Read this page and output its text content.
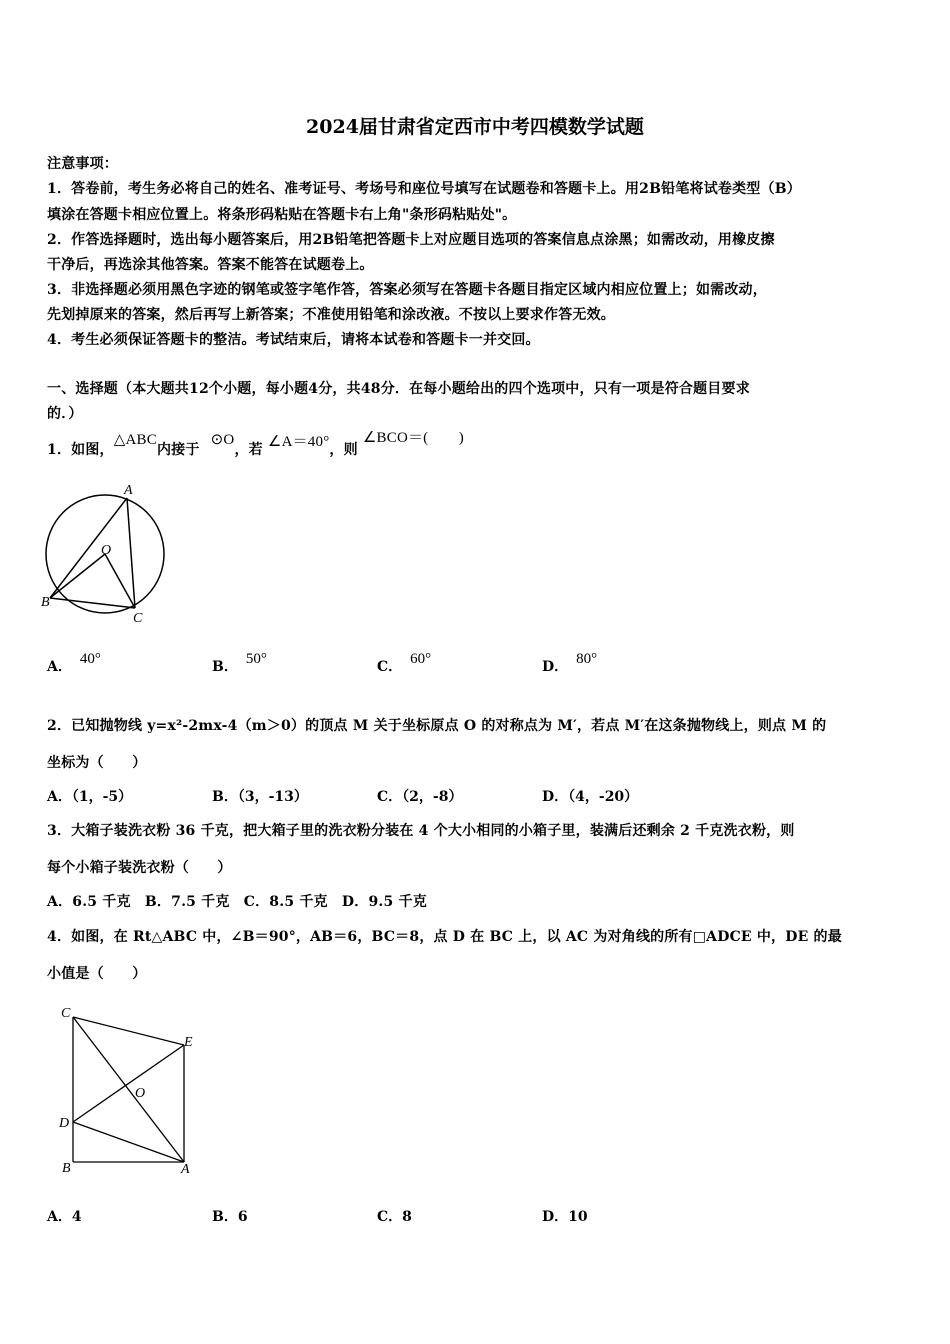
2024届甘肃省定西市中考四模数学试题
注意事项：
1．答卷前，考生务必将自己的姓名、准考证号、考场号和座位号填写在试题卷和答题卡上。用2B铅笔将试卷类型（B）
填涂在答题卡相应位置上。将条形码粘贴在答题卡右上角"条形码粘贴处"。
2．作答选择题时，选出每小题答案后，用2B铅笔把答题卡上对应题目选项的答案信息点涂黑；如需改动，用橡皮擦
干净后，再选涂其他答案。答案不能答在试题卷上。
3．非选择题必须用黑色字迹的钢笔或签字笔作答，答案必须写在答题卡各题目指定区域内相应位置上；如需改动，
先划掉原来的答案，然后再写上新答案；不准使用铅笔和涂改液。不按以上要求作答无效。
4．考生必须保证答题卡的整洁。考试结束后，请将本试卷和答题卡一并交回。
一、选择题（本大题共12个小题，每小题4分，共48分．在每小题给出的四个选项中，只有一项是符合题目要求
的．）
1．如图，△ABC内接于 ⊙O，若 ∠A＝40°，则 ∠BCO＝(　　)
A
O
B
C
A． 40°	B． 50°	C． 60°	D． 80°
2．已知抛物线 y=x²-2mx-4（m＞0）的顶点 M 关于坐标原点 O 的对称点为 M′，若点 M′在这条抛物线上，则点 M 的
坐标为（　　）
A．（1，-5）	B．（3，-13）	C．（2，-8）	D．（4，-20）
3．大箱子装洗衣粉 36 千克，把大箱子里的洗衣粉分装在 4 个大小相同的小箱子里，装满后还剩余 2 千克洗衣粉，则
每个小箱子装洗衣粉（　　）
A．6.5 千克　B．7.5 千克　C．8.5 千克　D．9.5 千克
4．如图，在 Rt△ABC 中，∠B＝90°，AB＝6，BC＝8，点 D 在 BC 上，以 AC 为对角线的所有□ADCE 中，DE 的最
小值是（　　）
C
E
O
D
B	A
A．4	B．6	C．8	D．10
